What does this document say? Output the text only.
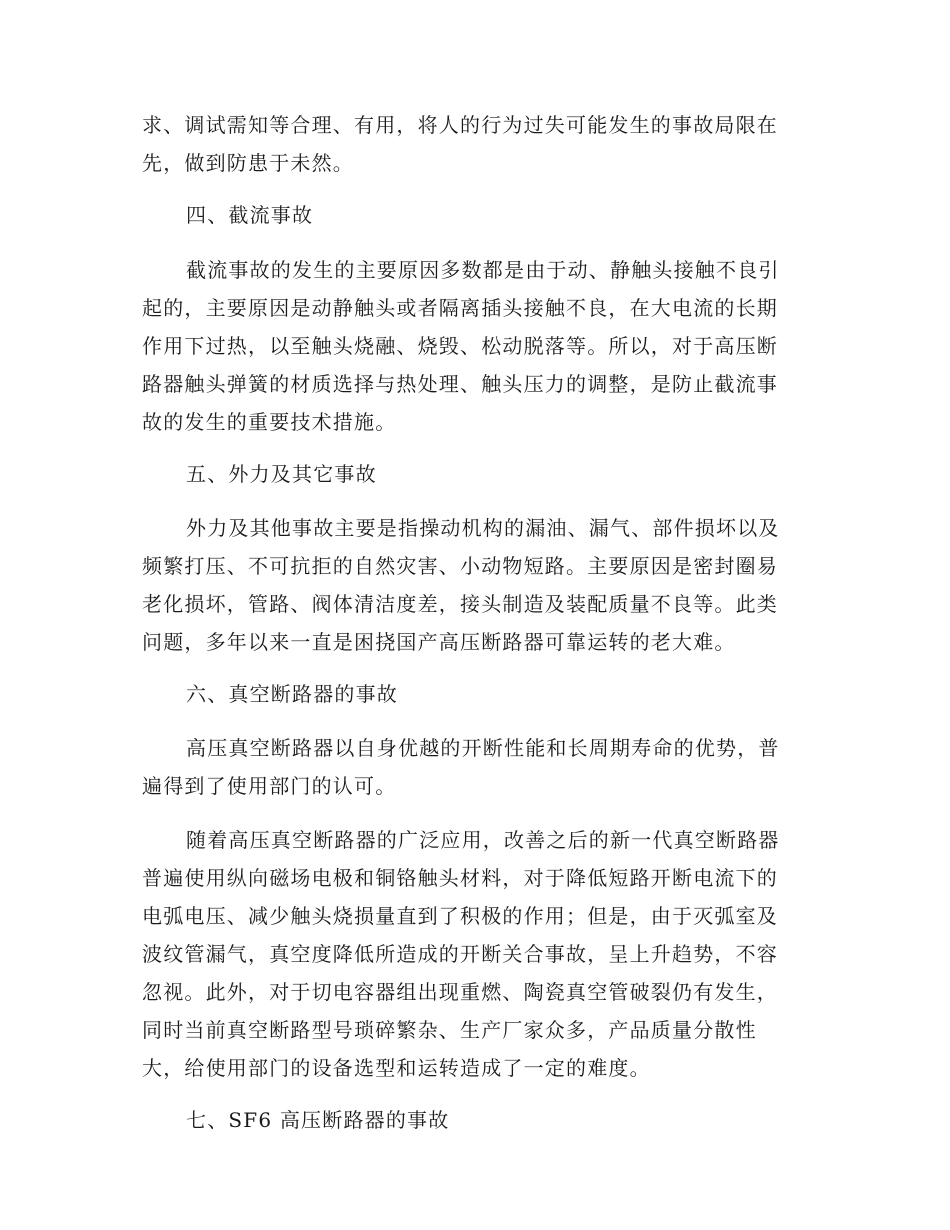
求、调试需知等合理、有用，将人的行为过失可能发生的事故局限在
先，做到防患于未然。
四、截流事故
截流事故的发生的主要原因多数都是由于动、静触头接触不良引
起的，主要原因是动静触头或者隔离插头接触不良，在大电流的长期
作用下过热，以至触头烧融、烧毁、松动脱落等。所以，对于高压断
路器触头弹簧的材质选择与热处理、触头压力的调整，是防止截流事
故的发生的重要技术措施。
五、外力及其它事故
外力及其他事故主要是指操动机构的漏油、漏气、部件损坏以及
频繁打压、不可抗拒的自然灾害、小动物短路。主要原因是密封圈易
老化损坏，管路、阀体清洁度差，接头制造及装配质量不良等。此类
问题，多年以来一直是困挠国产高压断路器可靠运转的老大难。
六、真空断路器的事故
高压真空断路器以自身优越的开断性能和长周期寿命的优势，普
遍得到了使用部门的认可。
随着高压真空断路器的广泛应用，改善之后的新一代真空断路器
普遍使用纵向磁场电极和铜铬触头材料，对于降低短路开断电流下的
电弧电压、减少触头烧损量直到了积极的作用；但是，由于灭弧室及
波纹管漏气，真空度降低所造成的开断关合事故，呈上升趋势，不容
忽视。此外，对于切电容器组出现重燃、陶瓷真空管破裂仍有发生，
同时当前真空断路型号琐碎繁杂、生产厂家众多，产品质量分散性
大，给使用部门的设备选型和运转造成了一定的难度。
七、SF6 高压断路器的事故
